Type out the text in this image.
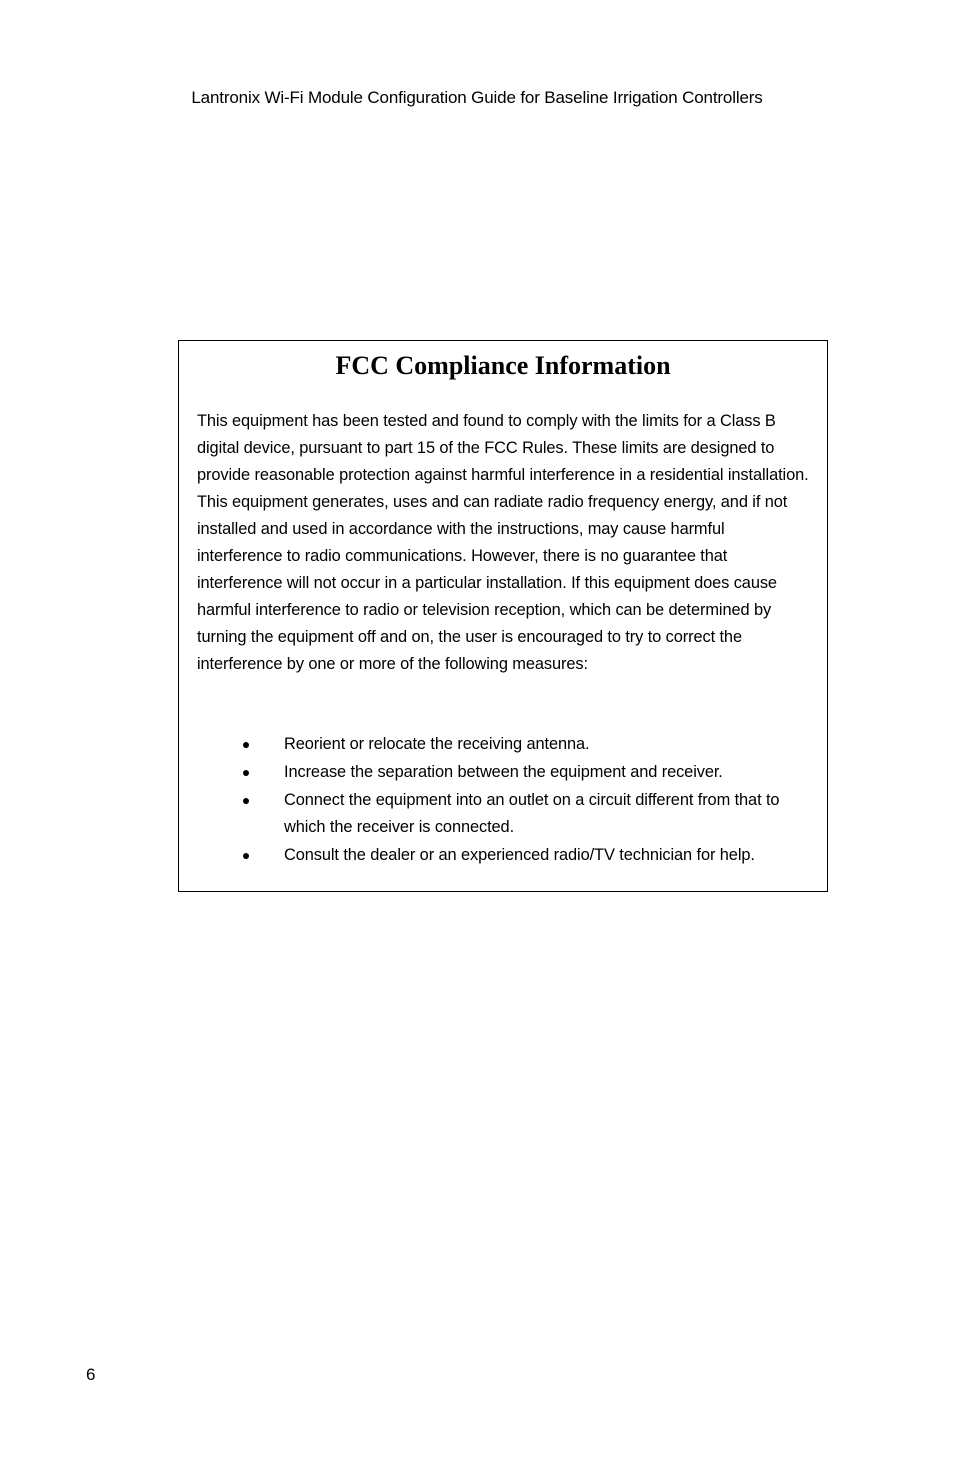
Lantronix Wi-Fi Module Configuration Guide for Baseline Irrigation Controllers
FCC Compliance Information

This equipment has been tested and found to comply with the limits for a Class B digital device, pursuant to part 15 of the FCC Rules. These limits are designed to provide reasonable protection against harmful interference in a residential installation. This equipment generates, uses and can radiate radio frequency energy, and if not installed and used in accordance with the instructions, may cause harmful interference to radio communications. However, there is no guarantee that interference will not occur in a particular installation. If this equipment does cause harmful interference to radio or television reception, which can be determined by turning the equipment off and on, the user is encouraged to try to correct the interference by one or more of the following measures:

●
Reorient or relocate the receiving antenna.
●
Increase the separation between the equipment and receiver.
●
Connect the equipment into an outlet on a circuit different from that to which the receiver is connected.
●
Consult the dealer or an experienced radio/TV technician for help.
6
